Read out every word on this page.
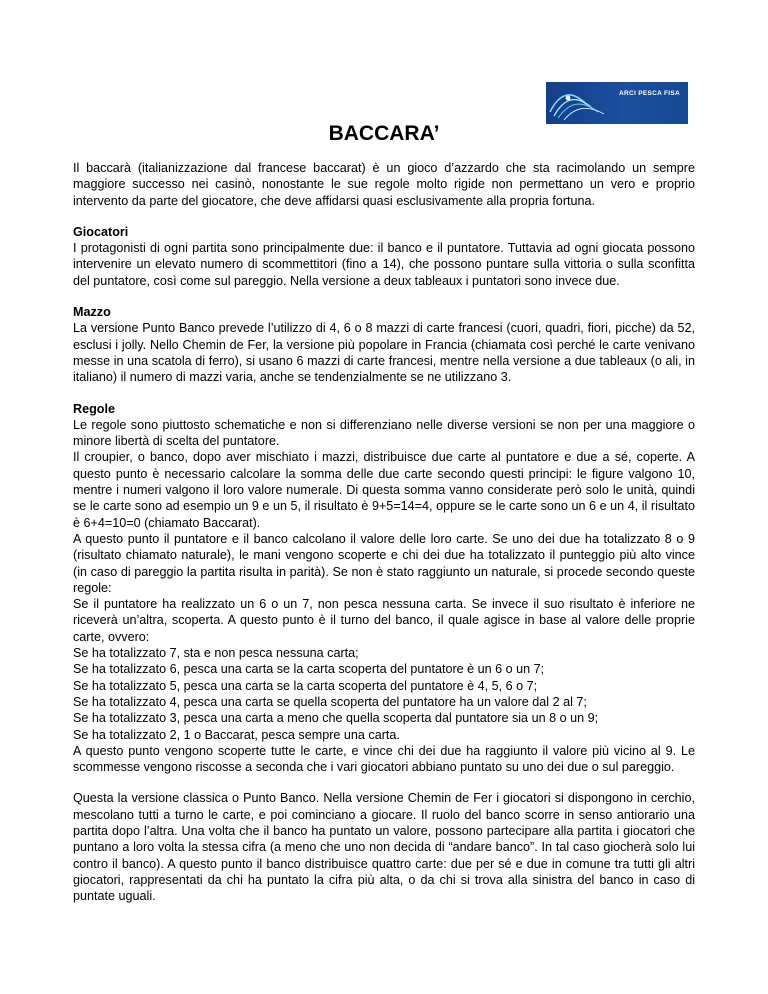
ARCI PESCA FISA
BACCARA’

Il baccarà (italianizzazione dal francese baccarat) è un gioco d’azzardo che sta racimolando un sempre maggiore successo nei casinò, nonostante le sue regole molto rigide non permettano un vero e proprio intervento da parte del giocatore, che deve affidarsi quasi esclusivamente alla propria fortuna.

Giocatori

I protagonisti di ogni partita sono principalmente due: il banco e il puntatore. Tuttavia ad ogni giocata possono intervenire un elevato numero di scommettitori (fino a 14), che possono puntare sulla vittoria o sulla sconfitta del puntatore, così come sul pareggio. Nella versione a deux tableaux i puntatori sono invece due.

Mazzo

La versione Punto Banco prevede l’utilizzo di 4, 6 o 8 mazzi di carte francesi (cuori, quadri, fiori, picche) da 52, esclusi i jolly. Nello Chemin de Fer, la versione più popolare in Francia (chiamata così perché le carte venivano messe in una scatola di ferro), si usano 6 mazzi di carte francesi, mentre nella versione a due tableaux (o ali, in italiano) il numero di mazzi varia, anche se tendenzialmente se ne utilizzano 3.

Regole

Le regole sono piuttosto schematiche e non si differenziano nelle diverse versioni se non per una maggiore o minore libertà di scelta del puntatore.

Il croupier, o banco, dopo aver mischiato i mazzi, distribuisce due carte al puntatore e due a sé, coperte. A questo punto è necessario calcolare la somma delle due carte secondo questi principi: le figure valgono 10, mentre i numeri valgono il loro valore numerale. Di questa somma vanno considerate però solo le unità, quindi se le carte sono ad esempio un 9 e un 5, il risultato è 9+5=14=4, oppure se le carte sono un 6 e un 4, il risultato è 6+4=10=0 (chiamato Baccarat).

A questo punto il puntatore e il banco calcolano il valore delle loro carte. Se uno dei due ha totalizzato 8 o 9 (risultato chiamato naturale), le mani vengono scoperte e chi dei due ha totalizzato il punteggio più alto vince (in caso di pareggio la partita risulta in parità). Se non è stato raggiunto un naturale, si procede secondo queste regole:

Se il puntatore ha realizzato un 6 o un 7, non pesca nessuna carta. Se invece il suo risultato è inferiore ne riceverà un’altra, scoperta. A questo punto è il turno del banco, il quale agisce in base al valore delle proprie carte, ovvero:

Se ha totalizzato 7, sta e non pesca nessuna carta;

Se ha totalizzato 6, pesca una carta se la carta scoperta del puntatore è un 6 o un 7;

Se ha totalizzato 5, pesca una carta se la carta scoperta del puntatore è 4, 5, 6 o 7;

Se ha totalizzato 4, pesca una carta se quella scoperta del puntatore ha un valore dal 2 al 7;

Se ha totalizzato 3, pesca una carta a meno che quella scoperta dal puntatore sia un 8 o un 9;

Se ha totalizzato 2, 1 o Baccarat, pesca sempre una carta.

A questo punto vengono scoperte tutte le carte, e vince chi dei due ha raggiunto il valore più vicino al 9. Le scommesse vengono riscosse a seconda che i vari giocatori abbiano puntato su uno dei due o sul pareggio.

Questa la versione classica o Punto Banco. Nella versione Chemin de Fer i giocatori si dispongono in cerchio, mescolano tutti a turno le carte, e poi cominciano a giocare. Il ruolo del banco scorre in senso antiorario una partita dopo l’altra. Una volta che il banco ha puntato un valore, possono partecipare alla partita i giocatori che puntano a loro volta la stessa cifra (a meno che uno non decida di “andare banco”. In tal caso giocherà solo lui contro il banco). A questo punto il banco distribuisce quattro carte: due per sé e due in comune tra tutti gli altri giocatori, rappresentati da chi ha puntato la cifra più alta, o da chi si trova alla sinistra del banco in caso di puntate uguali.
